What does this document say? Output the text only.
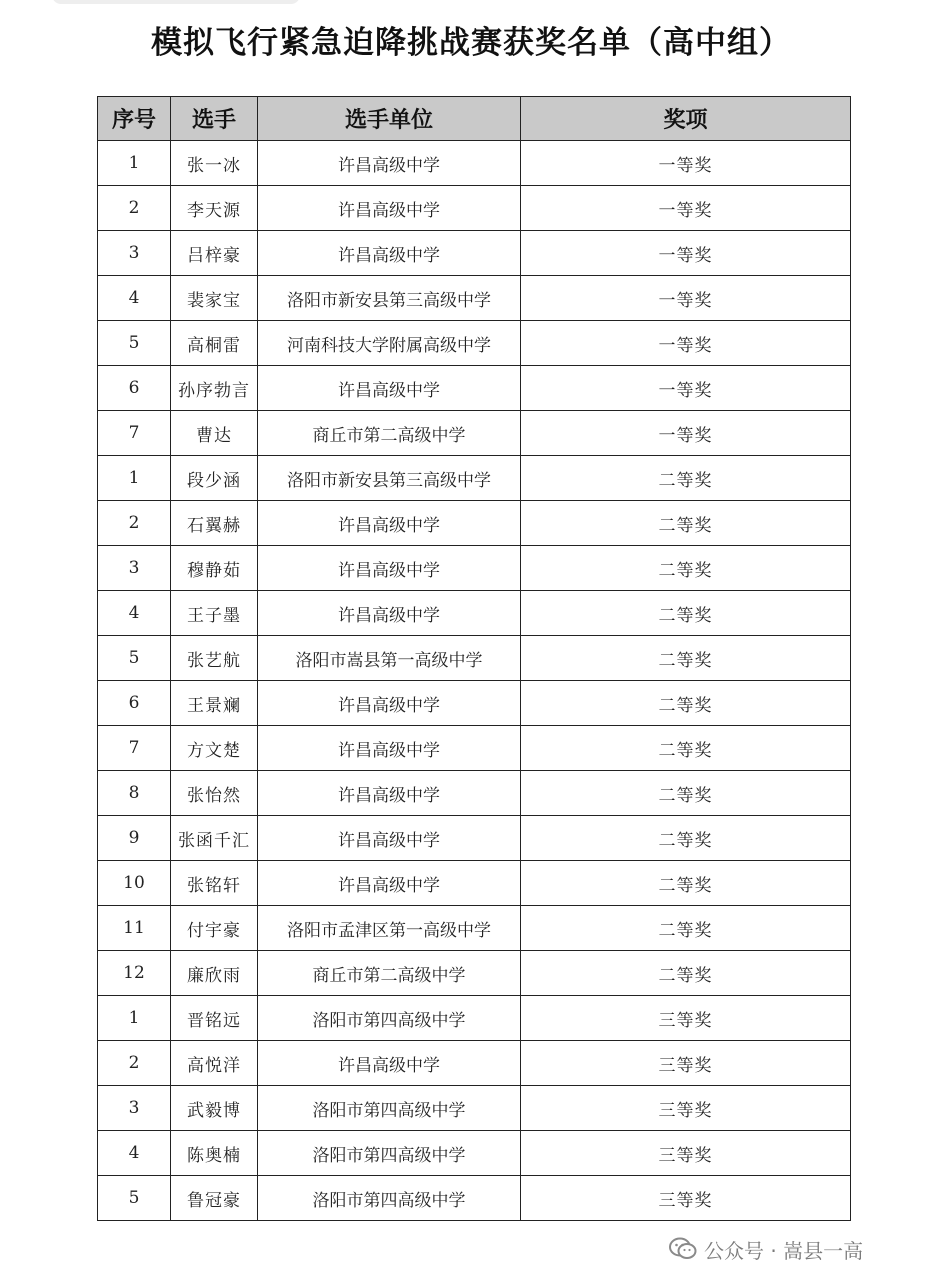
模拟飞行紧急迫降挑战赛获奖名单（高中组）
序号	选手	选手单位	奖项
1	张一冰	许昌高级中学	一等奖
2	李天源	许昌高级中学	一等奖
3	吕梓豪	许昌高级中学	一等奖
4	裴家宝	洛阳市新安县第三高级中学	一等奖
5	高桐雷	河南科技大学附属高级中学	一等奖
6	孙序勃言	许昌高级中学	一等奖
7	曹达	商丘市第二高级中学	一等奖
1	段少涵	洛阳市新安县第三高级中学	二等奖
2	石翼赫	许昌高级中学	二等奖
3	穆静茹	许昌高级中学	二等奖
4	王子墨	许昌高级中学	二等奖
5	张艺航	洛阳市嵩县第一高级中学	二等奖
6	王景斓	许昌高级中学	二等奖
7	方文楚	许昌高级中学	二等奖
8	张怡然	许昌高级中学	二等奖
9	张函千汇	许昌高级中学	二等奖
10	张铭轩	许昌高级中学	二等奖
11	付宇豪	洛阳市孟津区第一高级中学	二等奖
12	廉欣雨	商丘市第二高级中学	二等奖
1	晋铭远	洛阳市第四高级中学	三等奖
2	高悦洋	许昌高级中学	三等奖
3	武毅博	洛阳市第四高级中学	三等奖
4	陈奥楠	洛阳市第四高级中学	三等奖
5	鲁冠豪	洛阳市第四高级中学	三等奖
公众号 · 嵩县一高
